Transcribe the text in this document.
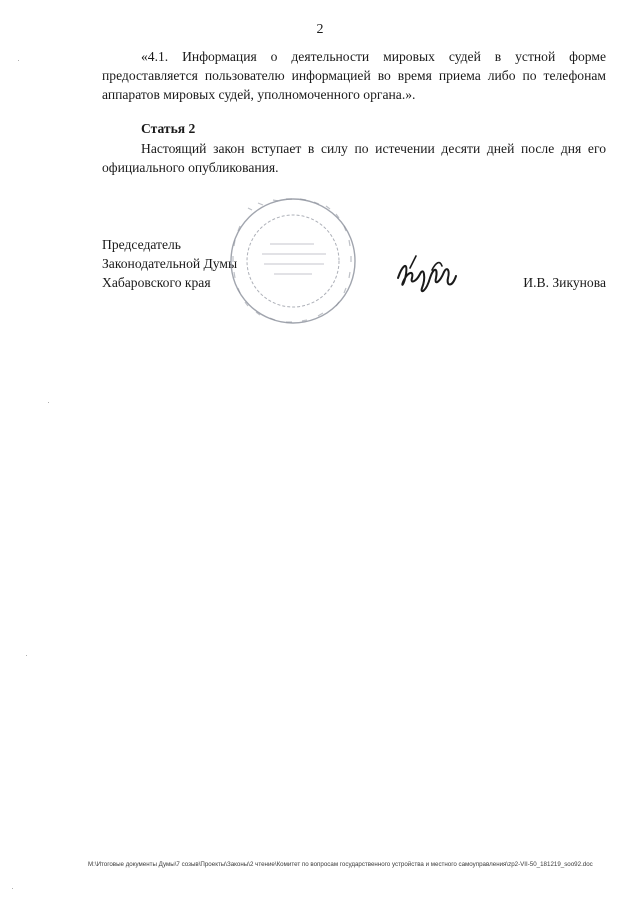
2

«4.1. Информация о деятельности мировых судей в устной форме предоставляется пользователю информацией во время приема либо по телефонам аппаратов мировых судей, уполномоченного органа.».

Статья 2

Настоящий закон вступает в силу по истечении десяти дней после дня его официального опубликования.

Председатель
Законодательной Думы
Хабаровского края	И.В. Зикунова
M:\Итоговые документы Думы\7 созыв\Проекты\Законы\2 чтение\Комитет по вопросам государственного устройства и местного самоуправления\zp2-VII-50_181219_soo92.doc
